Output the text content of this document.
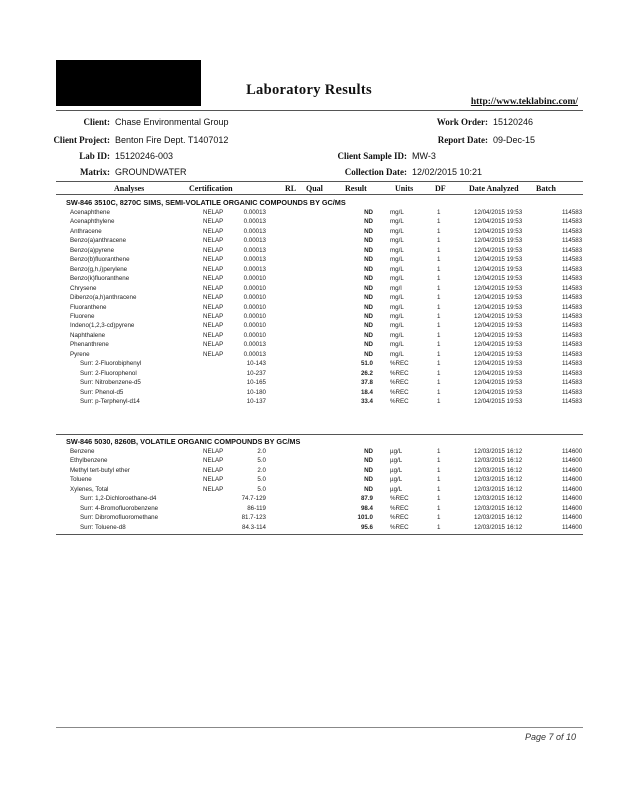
Laboratory Results
http://www.teklabinc.com/
Client: Chase Environmental Group
Client Project: Benton Fire Dept. T1407012
Lab ID: 15120246-003
Matrix: GROUNDWATER
Work Order: 15120246
Report Date: 09-Dec-15
Client Sample ID: MW-3
Collection Date: 12/02/2015 10:21
Analyses	Certification	RL Qual	Result	Units	DF	Date Analyzed Batch
SW-846 3510C, 8270C SIMS, SEMI-VOLATILE ORGANIC COMPOUNDS BY GC/MS
Acenaphthene	NELAP	0.00013	ND	mg/L	1	12/04/2015 19:53	114583
Acenaphthylene	NELAP	0.00013	ND	mg/L	1	12/04/2015 19:53	114583
Anthracene	NELAP	0.00013	ND	mg/L	1	12/04/2015 19:53	114583
Benzo(a)anthracene	NELAP	0.00013	ND	mg/L	1	12/04/2015 19:53	114583
Benzo(a)pyrene	NELAP	0.00013	ND	mg/L	1	12/04/2015 19:53	114583
Benzo(b)fluoranthene	NELAP	0.00013	ND	mg/L	1	12/04/2015 19:53	114583
Benzo(g,h,i)perylene	NELAP	0.00013	ND	mg/L	1	12/04/2015 19:53	114583
Benzo(k)fluoranthene	NELAP	0.00010	ND	mg/L	1	12/04/2015 19:53	114583
Chrysene	NELAP	0.00010	ND	mg/l	1	12/04/2015 19:53	114583
Dibenzo(a,h)anthracene	NELAP	0.00010	ND	mg/L	1	12/04/2015 19:53	114583
Fluoranthene	NELAP	0.00010	ND	mg/L	1	12/04/2015 19:53	114583
Fluorene	NELAP	0.00010	ND	mg/L	1	12/04/2015 19:53	114583
Indeno(1,2,3-cd)pyrene	NELAP	0.00010	ND	mg/L	1	12/04/2015 19:53	114583
Naphthalene	NELAP	0.00010	ND	mg/L	1	12/04/2015 19:53	114583
Phenanthrene	NELAP	0.00013	ND	mg/L	1	12/04/2015 19:53	114583
Pyrene	NELAP	0.00013	ND	mg/L	1	12/04/2015 19:53	114583
Surr: 2-Fluorobiphenyl	10-143	51.0	%REC	1	12/04/2015 19:53	114583
Surr: 2-Fluorophenol	10-237	26.2	%REC	1	12/04/2015 19:53	114583
Surr: Nitrobenzene-d5	10-165	37.8	%REC	1	12/04/2015 19:53	114583
Surr: Phenol-d5	10-180	18.4	%REC	1	12/04/2015 19:53	114583
Surr: p-Terphenyl-d14	10-137	33.4	%REC	1	12/04/2015 19:53	114583
SW-846 5030, 8260B, VOLATILE ORGANIC COMPOUNDS BY GC/MS
Benzene	NELAP	2.0	ND	µg/L	1	12/03/2015 16:12	114600
Ethylbenzene	NELAP	5.0	ND	µg/L	1	12/03/2015 16:12	114600
Methyl tert-butyl ether	NELAP	2.0	ND	µg/L	1	12/03/2015 16:12	114600
Toluene	NELAP	5.0	ND	µg/L	1	12/03/2015 16:12	114600
Xylenes, Total	NELAP	5.0	ND	µg/L	1	12/03/2015 16:12	114600
Surr: 1,2-Dichloroethane-d4	74.7-129	87.9	%REC	1	12/03/2015 16:12	114600
Surr: 4-Bromofluorobenzene	86-119	98.4	%REC	1	12/03/2015 16:12	114600
Surr: Dibromofluoromethane	81.7-123	101.0	%REC	1	12/03/2015 16:12	114600
Surr: Toluene-d8	84.3-114	95.6	%REC	1	12/03/2015 16:12	114600
Page 7 of 10
